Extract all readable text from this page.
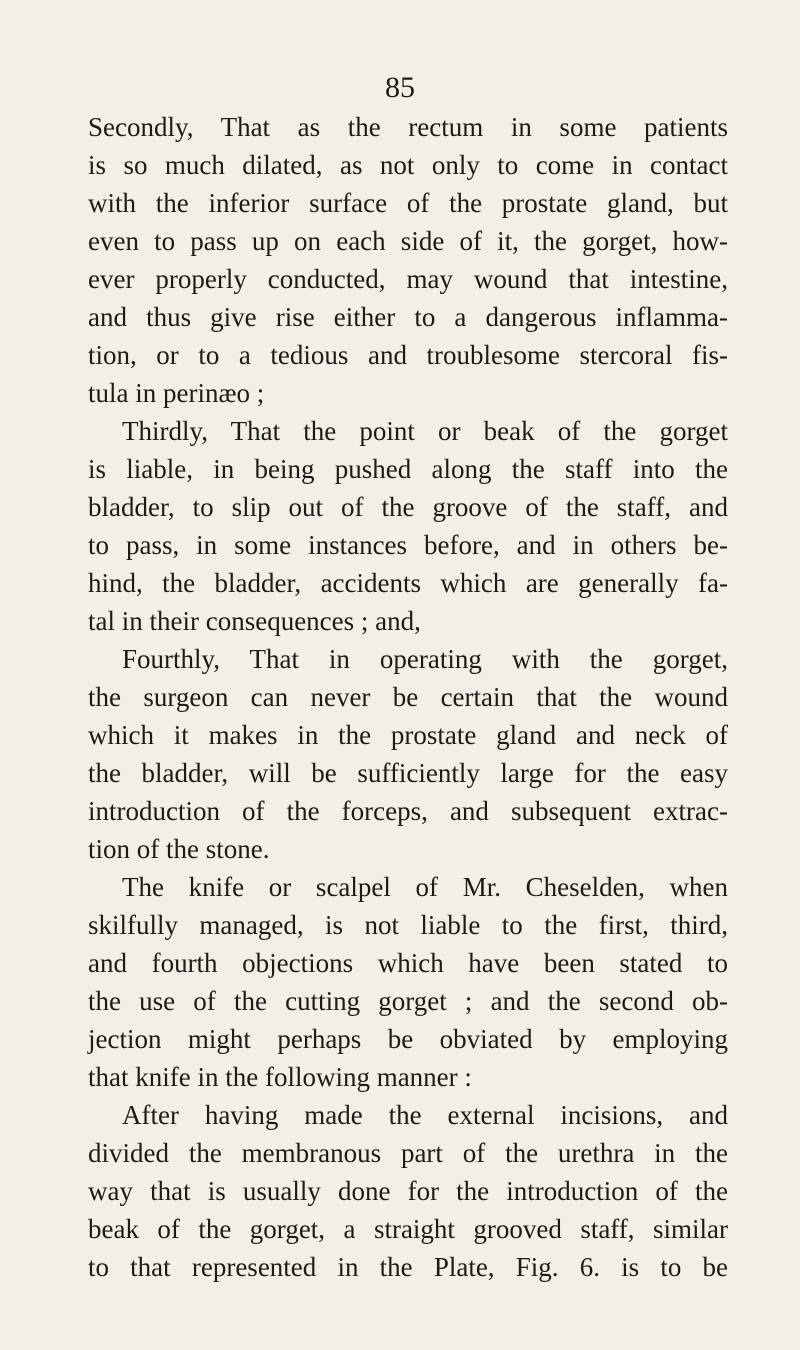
85
Secondly, That as the rectum in some patients
is so much dilated, as not only to come in contact
with the inferior surface of the prostate gland, but
even to pass up on each side of it, the gorget, how-
ever properly conducted, may wound that intestine,
and thus give rise either to a dangerous inflamma-
tion, or to a tedious and troublesome stercoral fis-
tula in perinæo ;
Thirdly, That the point or beak of the gorget
is liable, in being pushed along the staff into the
bladder, to slip out of the groove of the staff, and
to pass, in some instances before, and in others be-
hind, the bladder, accidents which are generally fa-
tal in their consequences ; and,
Fourthly, That in operating with the gorget,
the surgeon can never be certain that the wound
which it makes in the prostate gland and neck of
the bladder, will be sufficiently large for the easy
introduction of the forceps, and subsequent extrac-
tion of the stone.
The knife or scalpel of Mr. Cheselden, when
skilfully managed, is not liable to the first, third,
and fourth objections which have been stated to
the use of the cutting gorget ; and the second ob-
jection might perhaps be obviated by employing
that knife in the following manner :
After having made the external incisions, and
divided the membranous part of the urethra in the
way that is usually done for the introduction of the
beak of the gorget, a straight grooved staff, similar
to that represented in the Plate, Fig. 6. is to be
